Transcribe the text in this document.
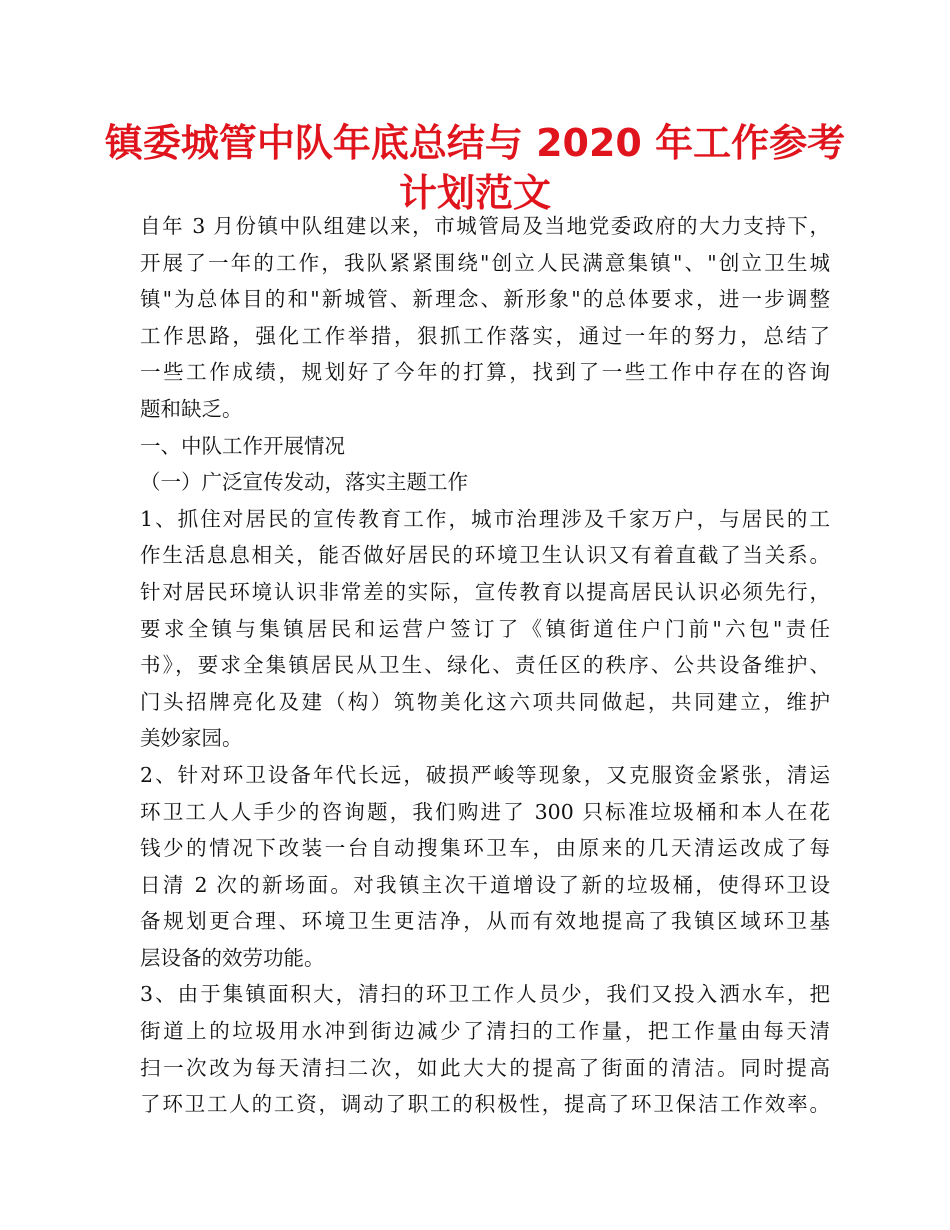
镇委城管中队年底总结与 2020 年工作参考
计划范文
自年 3 月份镇中队组建以来，市城管局及当地党委政府的大力支持下，
开展了一年的工作，我队紧紧围绕"创立人民满意集镇"、"创立卫生城
镇"为总体目的和"新城管、新理念、新形象"的总体要求，进一步调整
工作思路，强化工作举措，狠抓工作落实，通过一年的努力，总结了
一些工作成绩，规划好了今年的打算，找到了一些工作中存在的咨询
题和缺乏。
一、中队工作开展情况
（一）广泛宣传发动，落实主题工作
1、抓住对居民的宣传教育工作，城市治理涉及千家万户，与居民的工
作生活息息相关，能否做好居民的环境卫生认识又有着直截了当关系。
针对居民环境认识非常差的实际，宣传教育以提高居民认识必须先行，
要求全镇与集镇居民和运营户签订了《镇街道住户门前"六包"责任
书》，要求全集镇居民从卫生、绿化、责任区的秩序、公共设备维护、
门头招牌亮化及建（构）筑物美化这六项共同做起，共同建立，维护
美妙家园。
2、针对环卫设备年代长远，破损严峻等现象，又克服资金紧张，清运
环卫工人人手少的咨询题，我们购进了 300 只标准垃圾桶和本人在花
钱少的情况下改装一台自动搜集环卫车，由原来的几天清运改成了每
日清 2 次的新场面。对我镇主次干道增设了新的垃圾桶，使得环卫设
备规划更合理、环境卫生更洁净，从而有效地提高了我镇区域环卫基
层设备的效劳功能。
3、由于集镇面积大，清扫的环卫工作人员少，我们又投入洒水车，把
街道上的垃圾用水冲到街边减少了清扫的工作量，把工作量由每天清
扫一次改为每天清扫二次，如此大大的提高了街面的清洁。同时提高
了环卫工人的工资，调动了职工的积极性，提高了环卫保洁工作效率。
